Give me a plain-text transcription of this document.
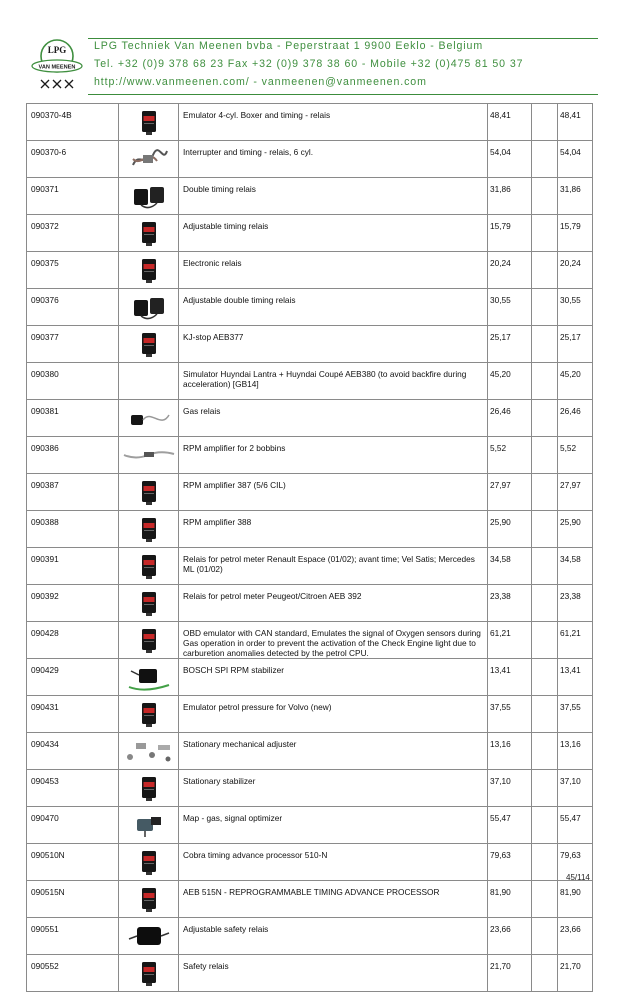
LPG
VAN MEENEN
LPG Techniek Van Meenen bvba - Peperstraat 1 9900 Eeklo - Belgium
Tel. +32 (0)9 378 68 23 Fax +32 (0)9 378 38 60 - Mobile +32 (0)475 81 50 37
http://www.vanmeenen.com/ - vanmeenen@vanmeenen.com
090370-4B		Emulator 4-cyl. Boxer and timing - relais	48,41		48,41
090370-6		Interrupter and timing - relais, 6 cyl.	54,04		54,04
090371		Double timing relais	31,86		31,86
090372		Adjustable timing relais	15,79		15,79
090375		Electronic relais	20,24		20,24
090376		Adjustable double timing relais	30,55		30,55
090377		KJ-stop AEB377	25,17		25,17
090380		Simulator Huyndai Lantra + Huyndai Coupé AEB380 (to avoid backfire during acceleration) [GB14]	45,20		45,20
090381		Gas relais	26,46		26,46
090386		RPM amplifier for 2 bobbins	5,52		5,52
090387		RPM amplifier 387 (5/6 CIL)	27,97		27,97
090388		RPM amplifier 388	25,90		25,90
090391		Relais for petrol meter Renault Espace (01/02); avant time; Vel Satis; Mercedes ML (01/02)	34,58		34,58
090392		Relais for petrol meter Peugeot/Citroen AEB 392	23,38		23,38
090428		OBD emulator with CAN standard, Emulates the signal of Oxygen sensors during Gas operation in order to prevent the activation of the Check Engine light due to carburetion anomalies detected by the petrol CPU.	61,21		61,21
090429		BOSCH SPI RPM stabilizer	13,41		13,41
090431		Emulator petrol pressure for Volvo (new)	37,55		37,55
090434		Stationary mechanical adjuster	13,16		13,16
090453		Stationary stabilizer	37,10		37,10
090470		Map - gas, signal optimizer	55,47		55,47
090510N		Cobra timing advance processor 510-N	79,63		79,63
090515N		AEB 515N - REPROGRAMMABLE TIMING ADVANCE PROCESSOR	81,90		81,90
090551		Adjustable safety relais	23,66		23,66
090552		Safety relais	21,70		21,70
45/114
